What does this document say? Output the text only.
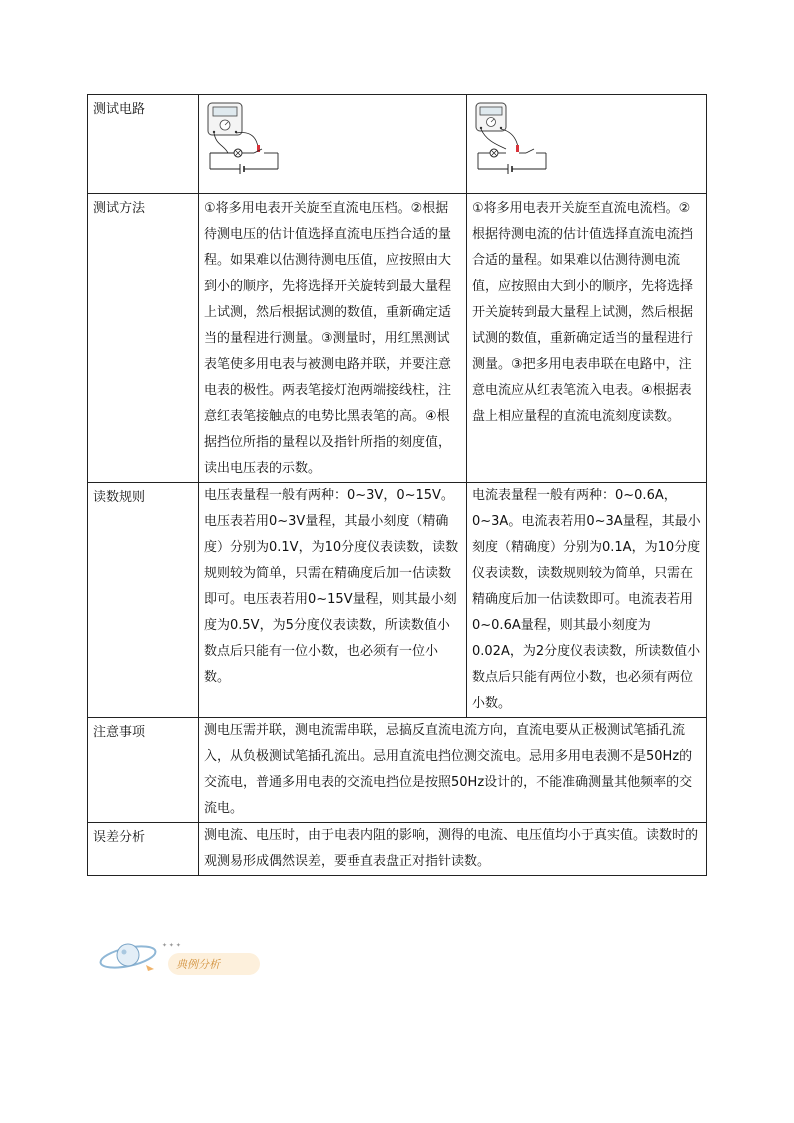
测试电路		
测试方法	①将多用电表开关旋至直流电压档。②根据待测电压的估计值选择直流电压挡合适的量程。如果难以估测待测电压值，应按照由大到小的顺序，先将选择开关旋转到最大量程上试测，然后根据试测的数值，重新确定适当的量程进行测量。③测量时，用红黑测试表笔使多用电表与被测电路并联，并要注意电表的极性。两表笔接灯泡两端接线柱，注意红表笔接触点的电势比黑表笔的高。④根据挡位所指的量程以及指针所指的刻度值，读出电压表的示数。	①将多用电表开关旋至直流电流档。②根据待测电流的估计值选择直流电流挡合适的量程。如果难以估测待测电流值，应按照由大到小的顺序，先将选择开关旋转到最大量程上试测，然后根据试测的数值，重新确定适当的量程进行测量。③把多用电表串联在电路中，注意电流应从红表笔流入电表。④根据表盘上相应量程的直流电流刻度读数。
读数规则	电压表量程一般有两种：0~3V，0~15V。电压表若用0~3V量程，其最小刻度（精确度）分别为0.1V，为10分度仪表读数，读数规则较为简单，只需在精确度后加一估读数即可。电压表若用0~15V量程，则其最小刻度为0.5V，为5分度仪表读数，所读数值小数点后只能有一位小数，也必须有一位小数。	电流表量程一般有两种：0~0.6A，0~3A。电流表若用0~3A量程，其最小刻度（精确度）分别为0.1A，为10分度仪表读数，读数规则较为简单，只需在精确度后加一估读数即可。电流表若用0~0.6A量程，则其最小刻度为0.02A，为2分度仪表读数，所读数值小数点后只能有两位小数，也必须有两位小数。
注意事项	测电压需并联，测电流需串联，忌搞反直流电流方向，直流电要从正极测试笔插孔流入，从负极测试笔插孔流出。忌用直流电挡位测交流电。忌用多用电表测不是50Hz的交流电，普通多用电表的交流电挡位是按照50Hz设计的，不能准确测量其他频率的交流电。	
误差分析	测电流、电压时，由于电表内阻的影响，测得的电流、电压值均小于真实值。读数时的观测易形成偶然误差，要垂直表盘正对指针读数。	
✦ ✦ ✦
典例分析
